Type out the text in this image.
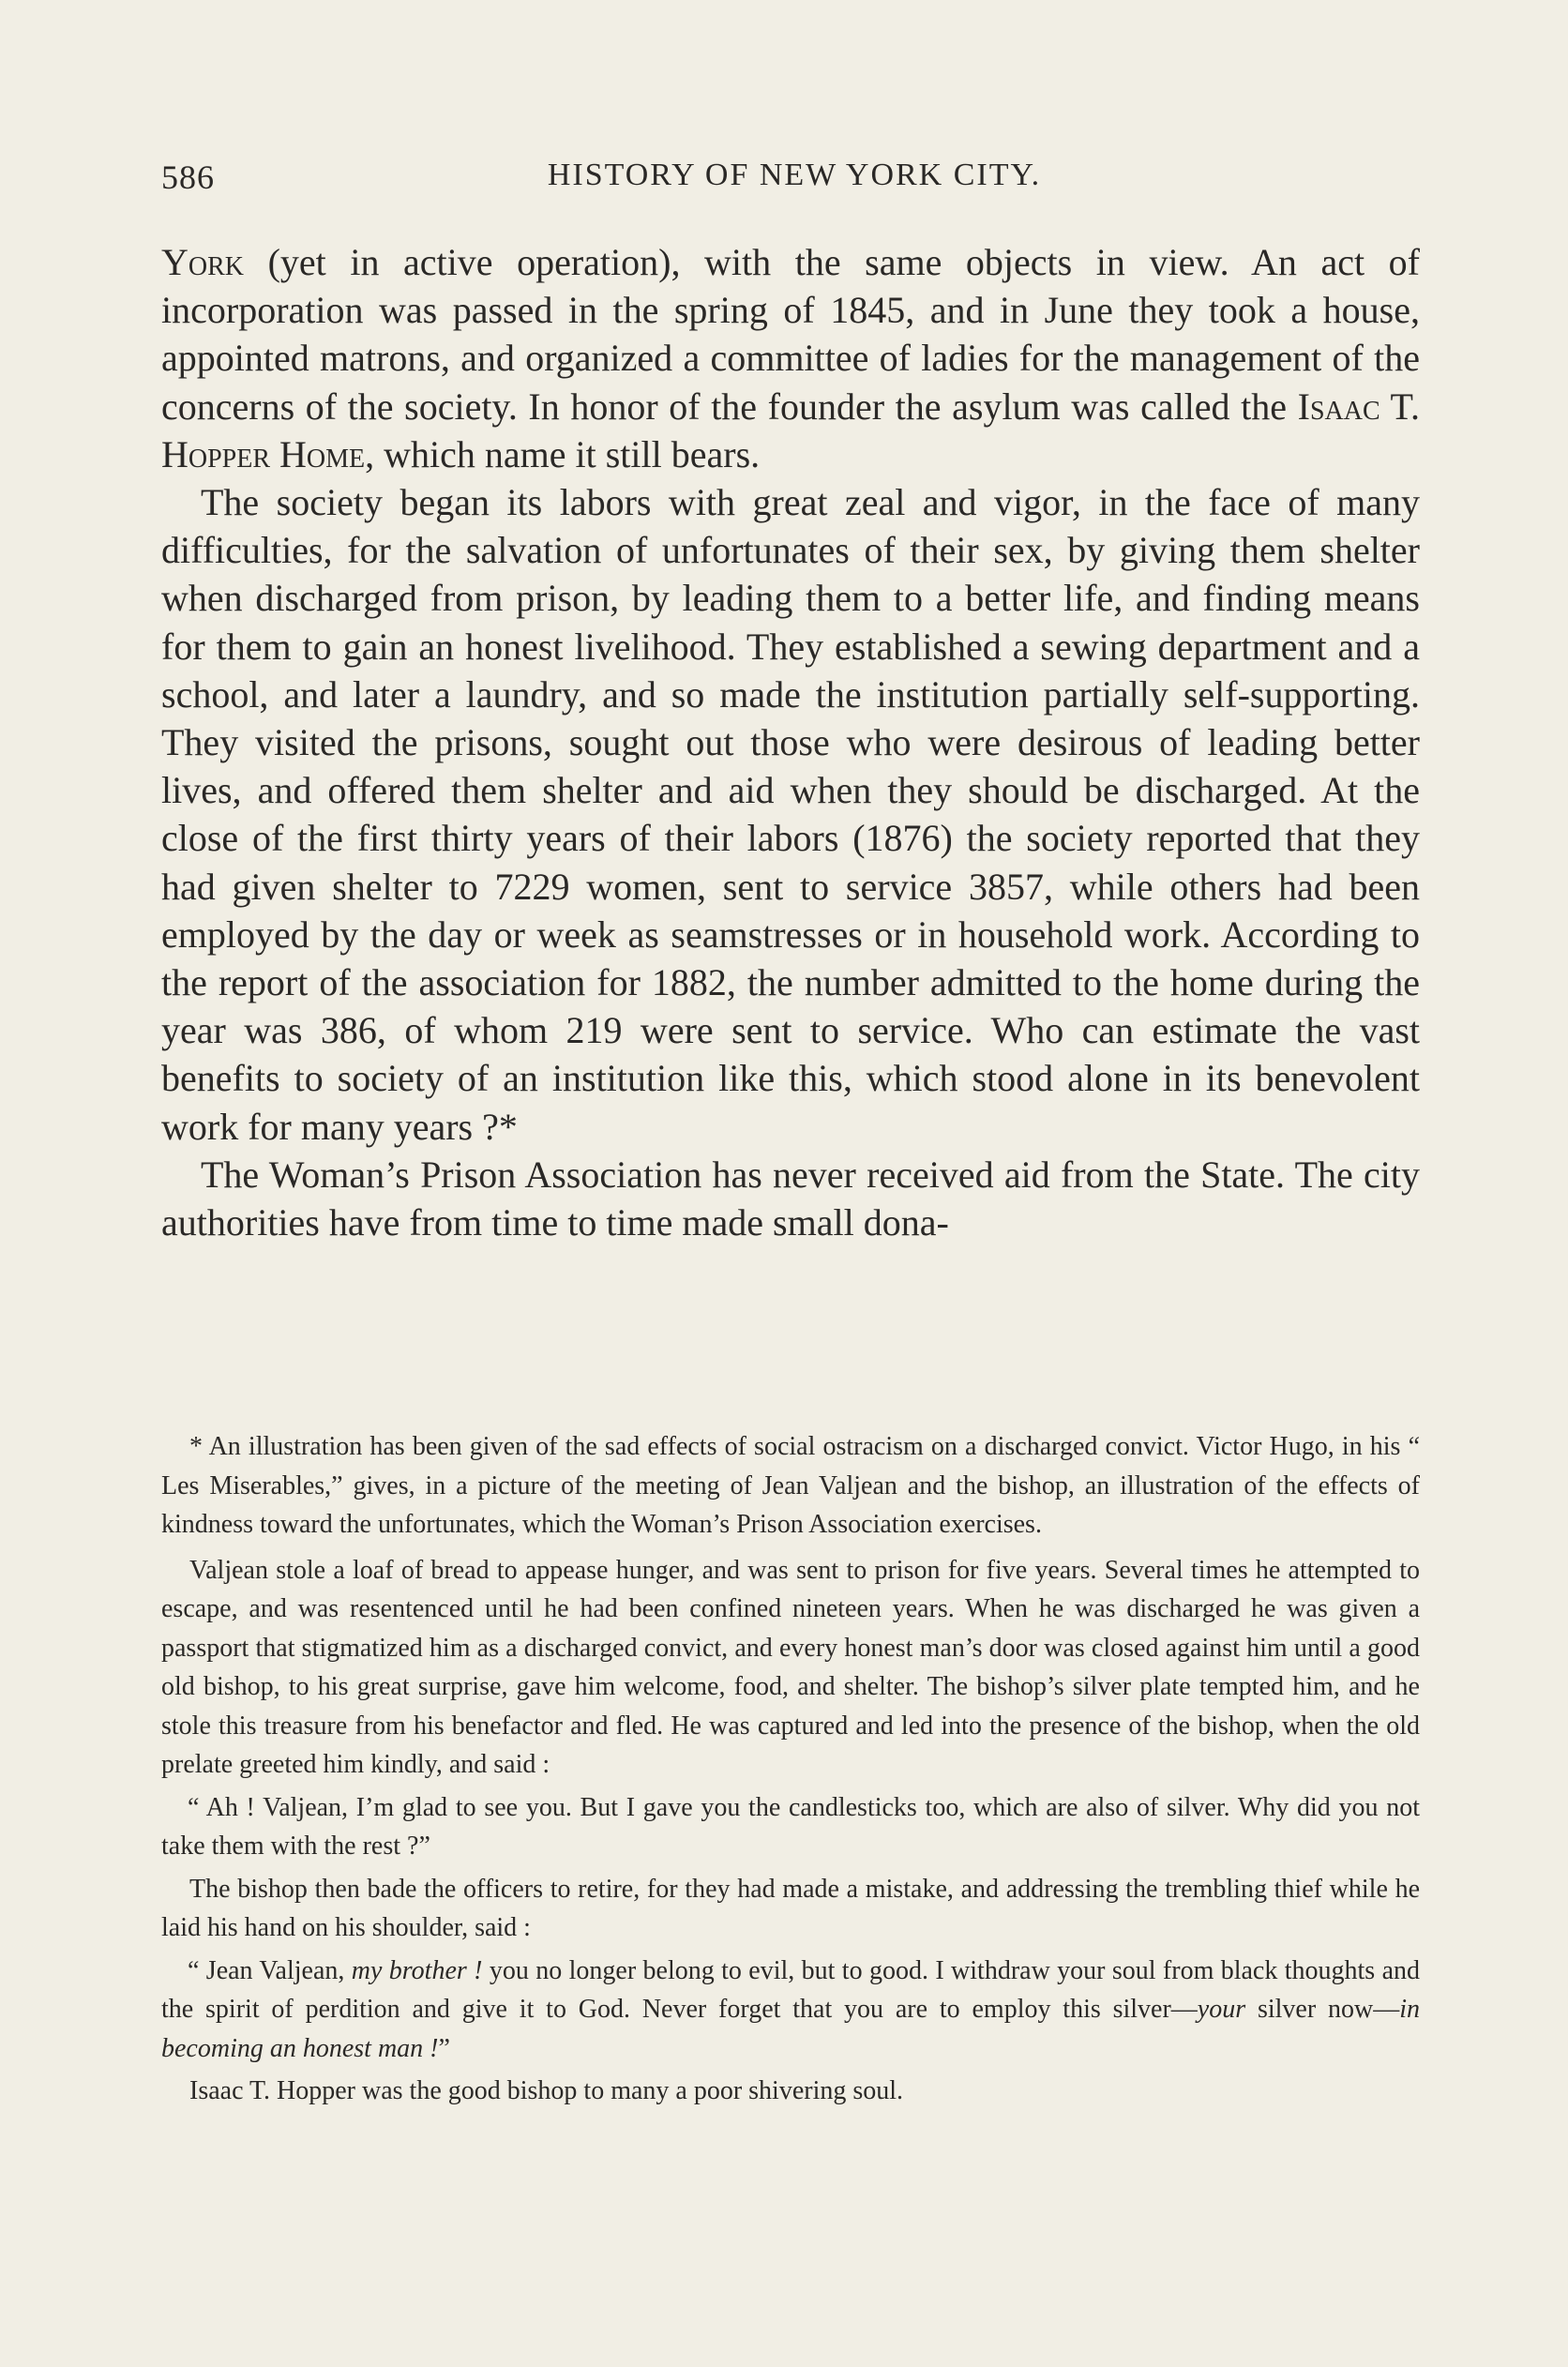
586	HISTORY OF NEW YORK CITY.

York (yet in active operation), with the same objects in view. An act of incorporation was passed in the spring of 1845, and in June they took a house, appointed matrons, and organized a committee of ladies for the management of the concerns of the society. In honor of the founder the asylum was called the Isaac T. Hopper Home, which name it still bears.

The society began its labors with great zeal and vigor, in the face of many difficulties, for the salvation of unfortunates of their sex, by giving them shelter when discharged from prison, by leading them to a better life, and finding means for them to gain an honest livelihood. They established a sewing department and a school, and later a laundry, and so made the institution partially self-supporting. They visited the prisons, sought out those who were desirous of leading better lives, and offered them shelter and aid when they should be discharged. At the close of the first thirty years of their labors (1876) the society reported that they had given shelter to 7229 women, sent to service 3857, while others had been employed by the day or week as seamstresses or in household work. According to the report of the association for 1882, the number admitted to the home during the year was 386, of whom 219 were sent to service. Who can estimate the vast benefits to society of an institution like this, which stood alone in its benevolent work for many years ?*

The Woman’s Prison Association has never received aid from the State. The city authorities have from time to time made small dona-

* An illustration has been given of the sad effects of social ostracism on a discharged convict. Victor Hugo, in his “ Les Miserables,” gives, in a picture of the meeting of Jean Valjean and the bishop, an illustration of the effects of kindness toward the unfortunates, which the Woman’s Prison Association exercises.

Valjean stole a loaf of bread to appease hunger, and was sent to prison for five years. Several times he attempted to escape, and was resentenced until he had been confined nineteen years. When he was discharged he was given a passport that stigmatized him as a discharged convict, and every honest man’s door was closed against him until a good old bishop, to his great surprise, gave him welcome, food, and shelter. The bishop’s silver plate tempted him, and he stole this treasure from his benefactor and fled. He was captured and led into the presence of the bishop, when the old prelate greeted him kindly, and said :

“ Ah ! Valjean, I’m glad to see you. But I gave you the candlesticks too, which are also of silver. Why did you not take them with the rest ?”

The bishop then bade the officers to retire, for they had made a mistake, and addressing the trembling thief while he laid his hand on his shoulder, said :

“ Jean Valjean, my brother ! you no longer belong to evil, but to good. I withdraw your soul from black thoughts and the spirit of perdition and give it to God. Never forget that you are to employ this silver—your silver now—in becoming an honest man !”

Isaac T. Hopper was the good bishop to many a poor shivering soul.
